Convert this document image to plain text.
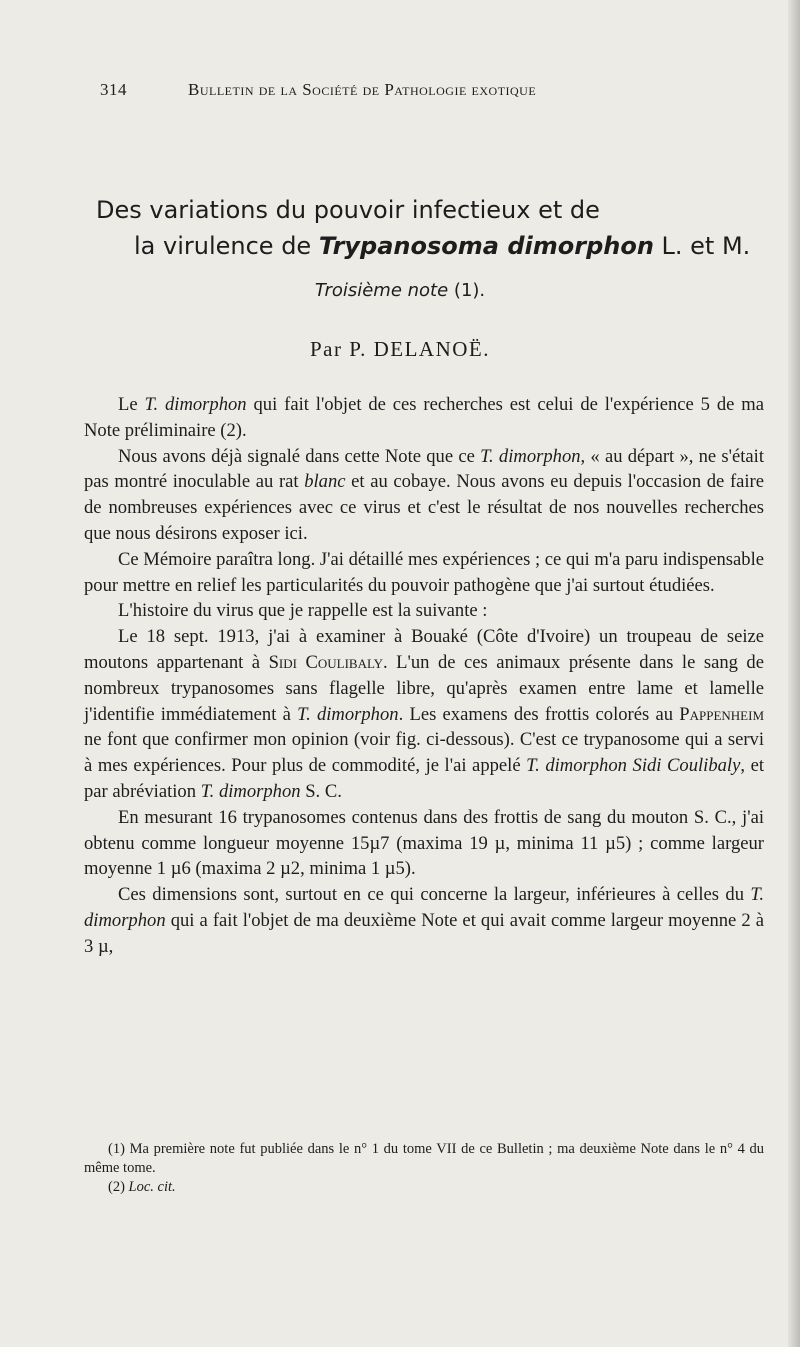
314	Bulletin de la Société de Pathologie exotique
Des variations du pouvoir infectieux et de
la virulence de Trypanosoma dimorphon L. et M.
Troisième note (1).
Par P. DELANOË.

Le T. dimorphon qui fait l'objet de ces recherches est celui de l'expérience 5 de ma Note préliminaire (2).

Nous avons déjà signalé dans cette Note que ce T. dimorphon, « au départ », ne s'était pas montré inoculable au rat blanc et au cobaye. Nous avons eu depuis l'occasion de faire de nombreuses expériences avec ce virus et c'est le résultat de nos nouvelles recherches que nous désirons exposer ici.

Ce Mémoire paraîtra long. J'ai détaillé mes expériences ; ce qui m'a paru indispensable pour mettre en relief les particularités du pouvoir pathogène que j'ai surtout étudiées.

L'histoire du virus que je rappelle est la suivante :

Le 18 sept. 1913, j'ai à examiner à Bouaké (Côte d'Ivoire) un troupeau de seize moutons appartenant à Sidi Coulibaly. L'un de ces animaux présente dans le sang de nombreux trypanosomes sans flagelle libre, qu'après examen entre lame et lamelle j'identifie immédiatement à T. dimorphon. Les examens des frottis colorés au Pappenheim ne font que confirmer mon opinion (voir fig. ci-dessous). C'est ce trypanosome qui a servi à mes expériences. Pour plus de commodité, je l'ai appelé T. dimorphon Sidi Coulibaly, et par abréviation T. dimorphon S. C.

En mesurant 16 trypanosomes contenus dans des frottis de sang du mouton S. C., j'ai obtenu comme longueur moyenne 15µ7 (maxima 19 µ, minima 11 µ5) ; comme largeur moyenne 1 µ6 (maxima 2 µ2, minima 1 µ5).

Ces dimensions sont, surtout en ce qui concerne la largeur, inférieures à celles du T. dimorphon qui a fait l'objet de ma deuxième Note et qui avait comme largeur moyenne 2 à 3 µ,

(1) Ma première note fut publiée dans le n° 1 du tome VII de ce Bulletin ; ma deuxième Note dans le n° 4 du même tome.

(2) Loc. cit.
